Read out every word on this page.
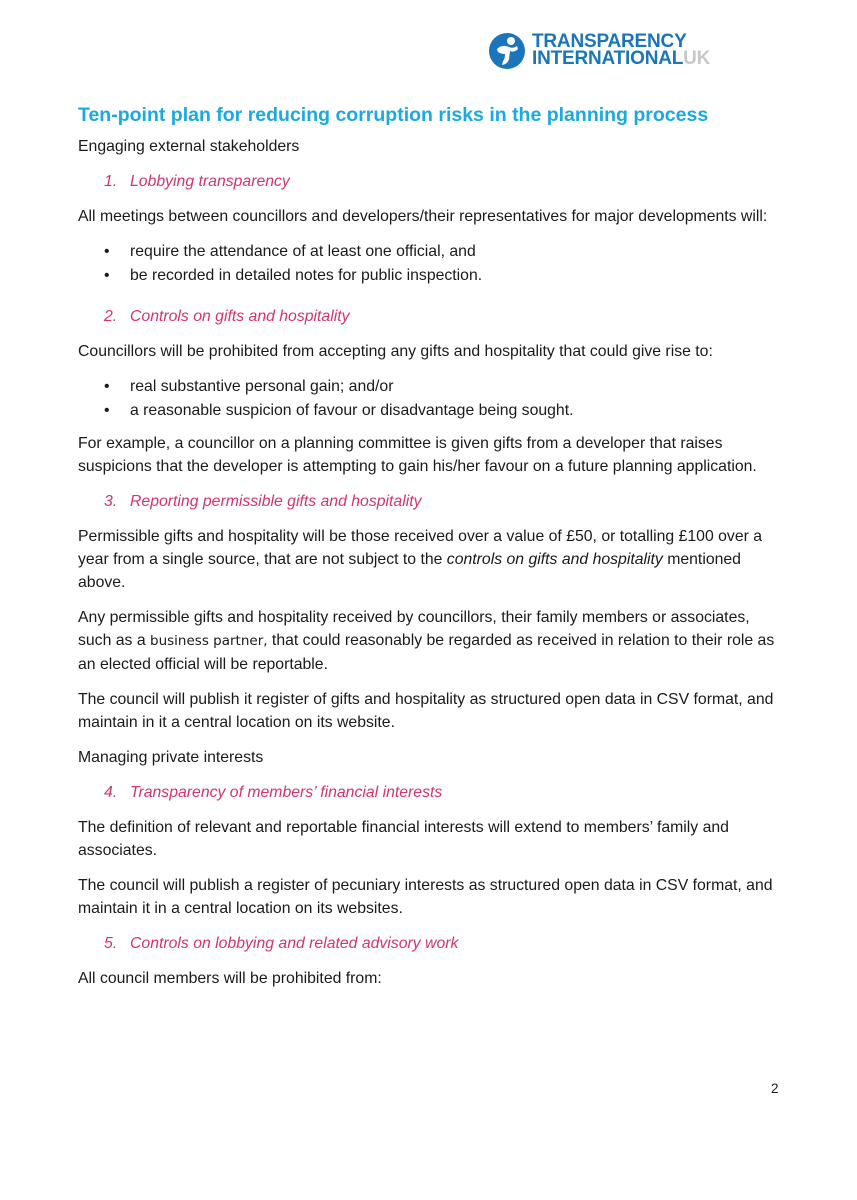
TRANSPARENCY
INTERNATIONALUK
Ten-point plan for reducing corruption risks in the planning process

Engaging external stakeholders

1. Lobbying transparency

All meetings between councillors and developers/their representatives for major developments will:

• require the attendance of at least one official, and
• be recorded in detailed notes for public inspection.
2. Controls on gifts and hospitality

Councillors will be prohibited from accepting any gifts and hospitality that could give rise to:

• real substantive personal gain; and/or
• a reasonable suspicion of favour or disadvantage being sought.

For example, a councillor on a planning committee is given gifts from a developer that raises suspicions that the developer is attempting to gain his/her favour on a future planning application.

3. Reporting permissible gifts and hospitality

Permissible gifts and hospitality will be those received over a value of £50, or totalling £100 over a year from a single source, that are not subject to the controls on gifts and hospitality mentioned above.

Any permissible gifts and hospitality received by councillors, their family members or associates, such as a business partner, that could reasonably be regarded as received in relation to their role as an elected official will be reportable.

The council will publish it register of gifts and hospitality as structured open data in CSV format, and maintain in it a central location on its website.

Managing private interests

4. Transparency of members’ financial interests

The definition of relevant and reportable financial interests will extend to members’ family and associates.

The council will publish a register of pecuniary interests as structured open data in CSV format, and maintain it in a central location on its websites.

5. Controls on lobbying and related advisory work

All council members will be prohibited from:

2
